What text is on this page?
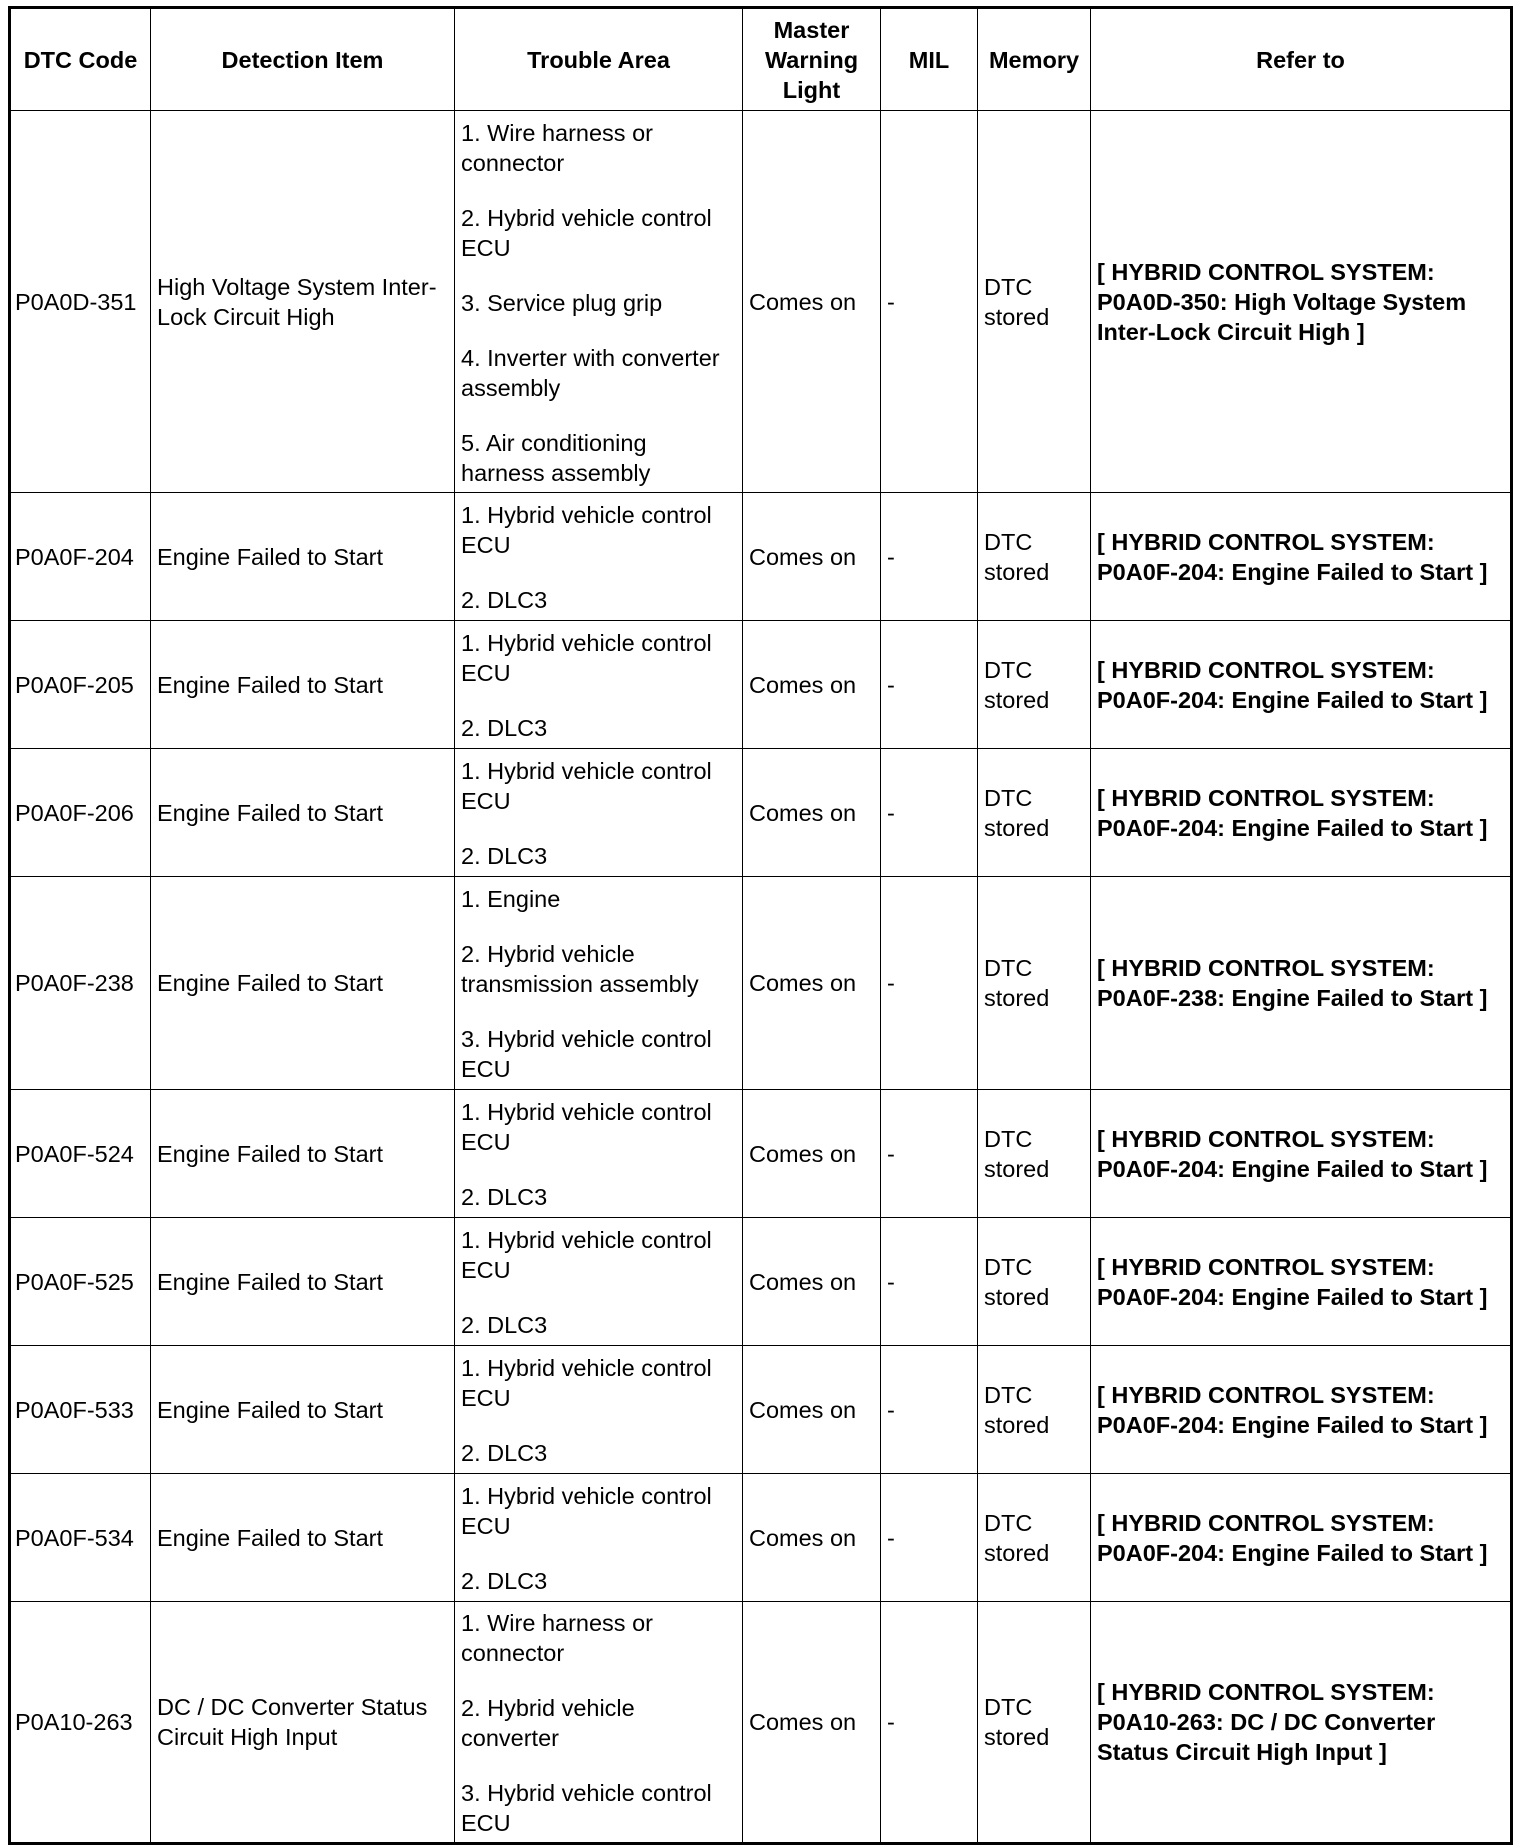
DTC Code	Detection Item	Trouble Area	Master Warning Light	MIL	Memory	Refer to
P0A0D-351	High Voltage System Inter-Lock Circuit High	1. Wire harness or connector
2. Hybrid vehicle control ECU
3. Service plug grip
4. Inverter with converter assembly
5. Air conditioning harness assembly	Comes on	-	DTC stored	[ HYBRID CONTROL SYSTEM: P0A0D-350: High Voltage System Inter-Lock Circuit High ]
P0A0F-204	Engine Failed to Start	1. Hybrid vehicle control ECU
2. DLC3	Comes on	-	DTC stored	[ HYBRID CONTROL SYSTEM: P0A0F-204: Engine Failed to Start ]
P0A0F-205	Engine Failed to Start	1. Hybrid vehicle control ECU
2. DLC3	Comes on	-	DTC stored	[ HYBRID CONTROL SYSTEM: P0A0F-204: Engine Failed to Start ]
P0A0F-206	Engine Failed to Start	1. Hybrid vehicle control ECU
2. DLC3	Comes on	-	DTC stored	[ HYBRID CONTROL SYSTEM: P0A0F-204: Engine Failed to Start ]
P0A0F-238	Engine Failed to Start	1. Engine
2. Hybrid vehicle transmission assembly
3. Hybrid vehicle control ECU	Comes on	-	DTC stored	[ HYBRID CONTROL SYSTEM: P0A0F-238: Engine Failed to Start ]
P0A0F-524	Engine Failed to Start	1. Hybrid vehicle control ECU
2. DLC3	Comes on	-	DTC stored	[ HYBRID CONTROL SYSTEM: P0A0F-204: Engine Failed to Start ]
P0A0F-525	Engine Failed to Start	1. Hybrid vehicle control ECU
2. DLC3	Comes on	-	DTC stored	[ HYBRID CONTROL SYSTEM: P0A0F-204: Engine Failed to Start ]
P0A0F-533	Engine Failed to Start	1. Hybrid vehicle control ECU
2. DLC3	Comes on	-	DTC stored	[ HYBRID CONTROL SYSTEM: P0A0F-204: Engine Failed to Start ]
P0A0F-534	Engine Failed to Start	1. Hybrid vehicle control ECU
2. DLC3	Comes on	-	DTC stored	[ HYBRID CONTROL SYSTEM: P0A0F-204: Engine Failed to Start ]
P0A10-263	DC / DC Converter Status Circuit High Input	1. Wire harness or connector
2. Hybrid vehicle converter
3. Hybrid vehicle control ECU	Comes on	-	DTC stored	[ HYBRID CONTROL SYSTEM: P0A10-263: DC / DC Converter Status Circuit High Input ]
